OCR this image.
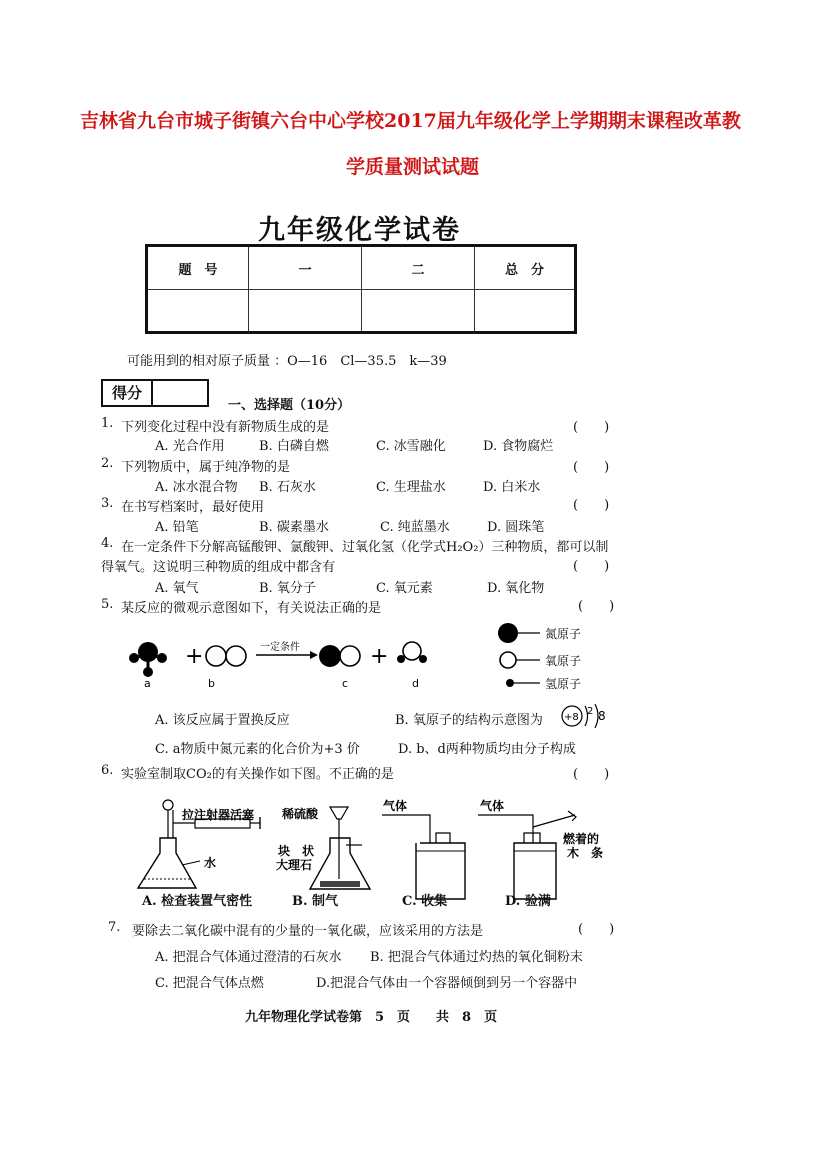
吉林省九台市城子街镇六台中心学校2017届九年级化学上学期期末课程改革教
学质量测试试题
九年级化学试卷
题　号	一	二	总　分

可能用到的相对原子质量 ：O—16　Cl—35.5　k—39
得分
一、选择题（10分）
1. 下列变化过程中没有新物质生成的是	(　　)
A. 光合作用	B. 白磷自燃	C. 冰雪融化	D. 食物腐烂
2. 下列物质中，属于纯净物的是	(　　)
A. 冰水混合物 B. 石灰水	C. 生理盐水	D. 白米水
3. 在书写档案时，最好使用	(　　)
A. 铅笔	B. 碳素墨水	C. 纯蓝墨水	D. 圆珠笔
4. 在一定条件下分解高锰酸钾、氯酸钾、过氧化氢（化学式H₂O₂）三种物质，都可以制
得氧气。这说明三种物质的组成中都含有	(　　)
A. 氧气	B. 氧分子	C. 氧元素	D. 氧化物
5. 某反应的微观示意图如下，有关说法正确的是	(　　)
+	一定条件	+
a	b	c	d
氮原子
氧原子
氢原子
A. 该反应属于置换反应	B. 氧原子的结构示意图为 +8
2 8
C. a物质中氮元素的化合价为+3 价	D. b、d两种物质均由分子构成
6. 实验室制取CO₂的有关操作如下图。不正确的是	(　　)
拉注射器活塞
水
稀硫酸
块　状
大理石
气体	气体
燃着的
木　条
A. 检查装置气密性	B. 制气	C. 收集	D. 验满
7. 要除去二氧化碳中混有的少量的一氧化碳，应该采用的方法是	(　　)
A. 把混合气体通过澄清的石灰水 B. 把混合气体通过灼热的氧化铜粉末
C. 把混合气体点燃	D.把混合气体由一个容器倾倒到另一个容器中
九年物理化学试卷第　5　页　　共　8　页
